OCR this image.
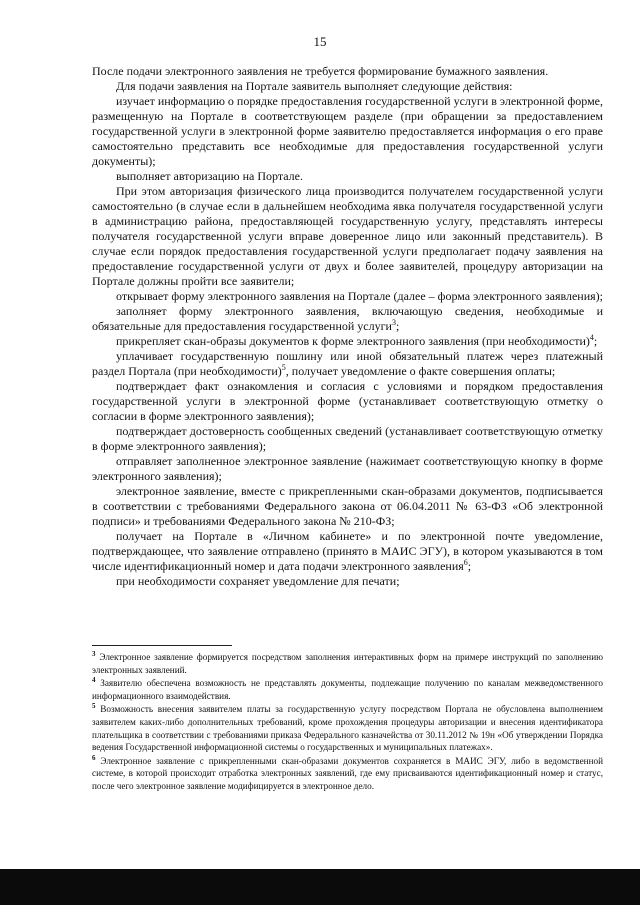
15

После подачи электронного заявления не требуется формирование бумажного заявления.

Для подачи заявления на Портале заявитель выполняет следующие действия:

изучает информацию о порядке предоставления государственной услуги в электронной форме, размещенную на Портале в соответствующем разделе (при обращении за предоставлением государственной услуги в электронной форме заявителю предоставляется информация о его праве самостоятельно представить все необходимые для предоставления государственной услуги документы);

выполняет авторизацию на Портале.

При этом авторизация физического лица производится получателем государственной услуги самостоятельно (в случае если в дальнейшем необходима явка получателя государственной услуги в администрацию района, предоставляющей государственную услугу, представлять интересы получателя государственной услуги вправе доверенное лицо или законный представитель). В случае если порядок предоставления государственной услуги предполагает подачу заявления на предоставление государственной услуги от двух и более заявителей, процедуру авторизации на Портале должны пройти все заявители;

открывает форму электронного заявления на Портале (далее – форма электронного заявления);

заполняет форму электронного заявления, включающую сведения, необходимые и обязательные для предоставления государственной услуги$^3$;

прикрепляет скан-образы документов к форме электронного заявления (при необходимости)$^4$;

уплачивает государственную пошлину или иной обязательный платеж через платежный раздел Портала (при необходимости)$^5$, получает уведомление о факте совершения оплаты;

подтверждает факт ознакомления и согласия с условиями и порядком предоставления государственной услуги в электронной форме (устанавливает соответствующую отметку о согласии в форме электронного заявления);

подтверждает достоверность сообщенных сведений (устанавливает соответствующую отметку в форме электронного заявления);

отправляет заполненное электронное заявление (нажимает соответствующую кнопку в форме электронного заявления);

электронное заявление, вместе с прикрепленными скан-образами документов, подписывается в соответствии с требованиями Федерального закона от 06.04.2011 № 63-ФЗ «Об электронной подписи» и требованиями Федерального закона № 210-ФЗ;

получает на Портале в «Личном кабинете» и по электронной почте уведомление, подтверждающее, что заявление отправлено (принято в МАИС ЭГУ), в котором указываются в том числе идентификационный номер и дата подачи электронного заявления$^6$;

при необходимости сохраняет уведомление для печати;

$^3$ Электронное заявление формируется посредством заполнения интерактивных форм на примере инструкций по заполнению электронных заявлений.

$^4$ Заявителю обеспечена возможность не представлять документы, подлежащие получению по каналам межведомственного информационного взаимодействия.

$^5$ Возможность внесения заявителем платы за государственную услугу посредством Портала не обусловлена выполнением заявителем каких-либо дополнительных требований, кроме прохождения процедуры авторизации и внесения идентификатора плательщика в соответствии с требованиями приказа Федерального казначейства от 30.11.2012 № 19н «Об утверждении Порядка ведения Государственной информационной системы о государственных и муниципальных платежах».

$^6$ Электронное заявление с прикрепленными скан-образами документов сохраняется в МАИС ЭГУ, либо в ведомственной системе, в которой происходит отработка электронных заявлений, где ему присваиваются идентификационный номер и статус, после чего электронное заявление модифицируется в электронное дело.
